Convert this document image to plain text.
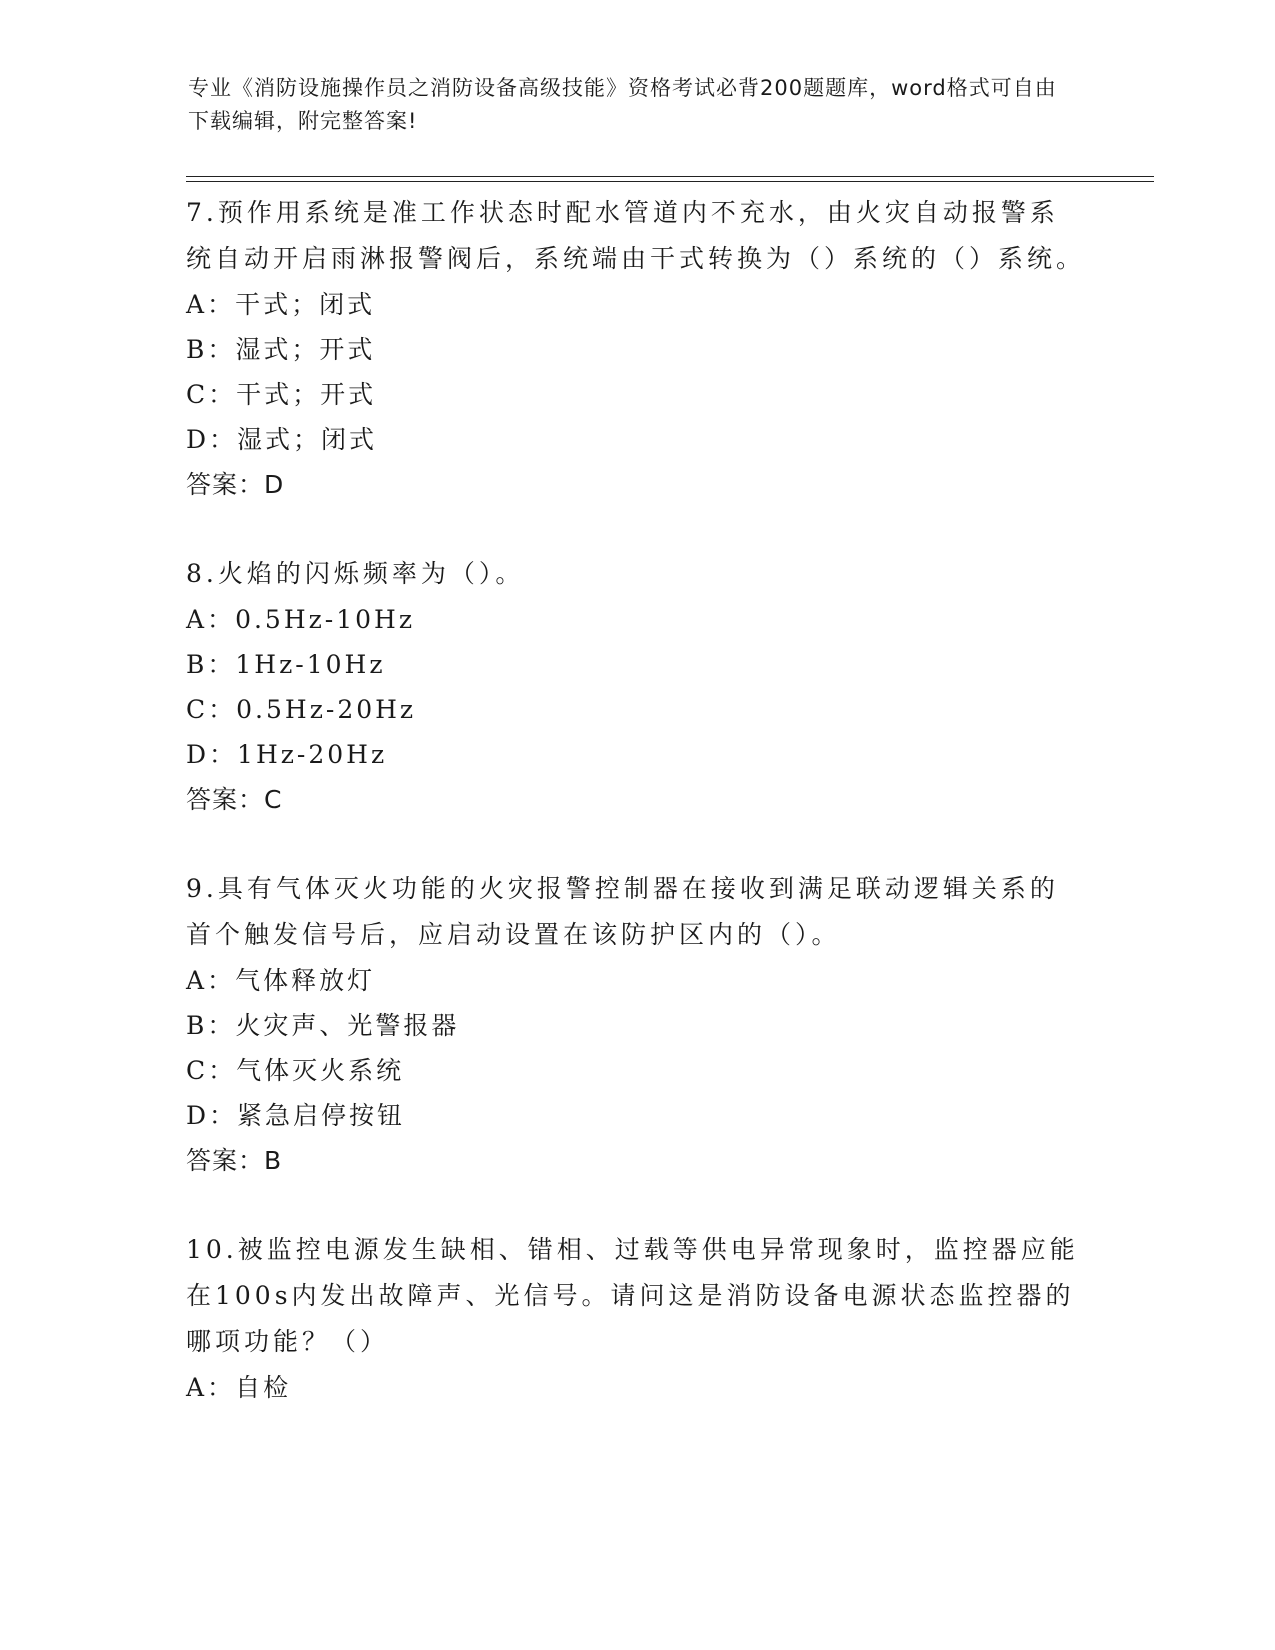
专业《消防设施操作员之消防设备高级技能》资格考试必背200题题库，word格式可自由下载编辑，附完整答案!

7.预作用系统是准工作状态时配水管道内不充水，由火灾自动报警系统自动开启雨淋报警阀后，系统端由干式转换为（）系统的（）系统。

A： 干式；闭式
B： 湿式；开式
C： 干式；开式
D： 湿式；闭式
答案：D

8.火焰的闪烁频率为（）。

A： 0.5Hz-10Hz
B： 1Hz-10Hz
C： 0.5Hz-20Hz
D： 1Hz-20Hz
答案：C

9.具有气体灭火功能的火灾报警控制器在接收到满足联动逻辑关系的首个触发信号后，应启动设置在该防护区内的（）。

A： 气体释放灯
B： 火灾声、光警报器
C： 气体灭火系统
D： 紧急启停按钮
答案：B

10.被监控电源发生缺相、错相、过载等供电异常现象时，监控器应能在100s内发出故障声、光信号。请问这是消防设备电源状态监控器的哪项功能？（）

A： 自检
